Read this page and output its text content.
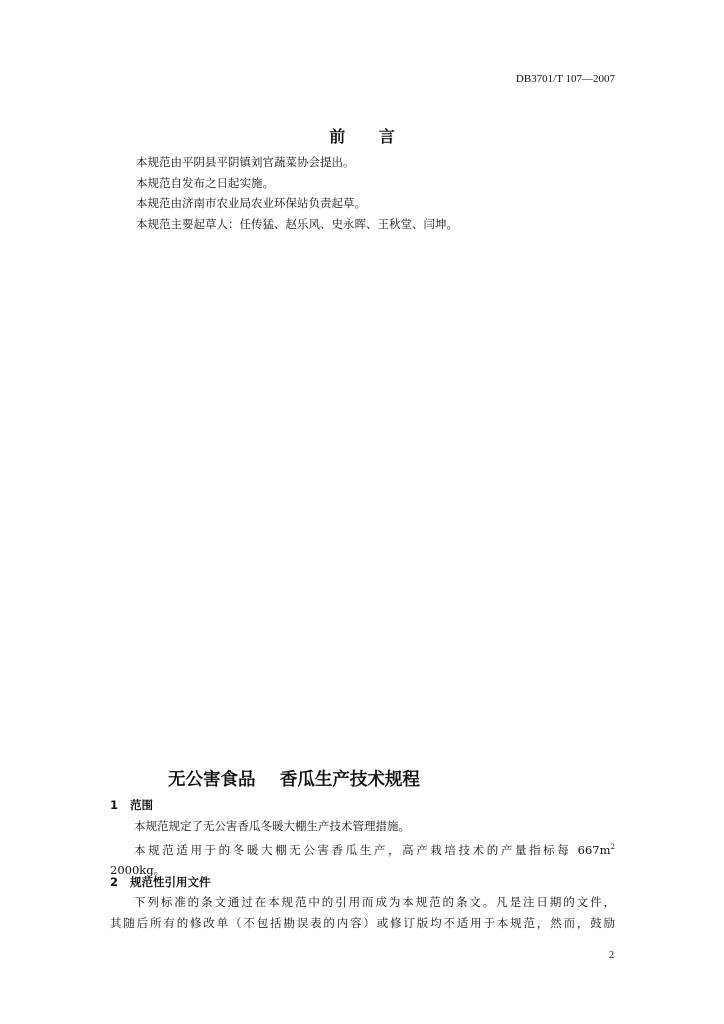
DB3701/T 107—2007
前 言
本规范由平阴县平阴镇刘官蔬菜协会提出。
本规范自发布之日起实施。
本规范由济南市农业局农业环保站负责起草。
本规范主要起草人：任传猛、赵乐风、史永晖、王秋堂、闫坤。
无公害食品    香瓜生产技术规程
1   范围
本规范规定了无公害香瓜冬暖大棚生产技术管理措施。
本规范适用于的冬暖大棚无公害香瓜生产，高产栽培技术的产量指标每 $667m^2$
2000kg。
2   规范性引用文件
下列标准的条文通过在本规范中的引用而成为本规范的条文。凡是注日期的文件，
其随后所有的修改单（不包括勘误表的内容）或修订版均不适用于本规范，然而，鼓励
2
